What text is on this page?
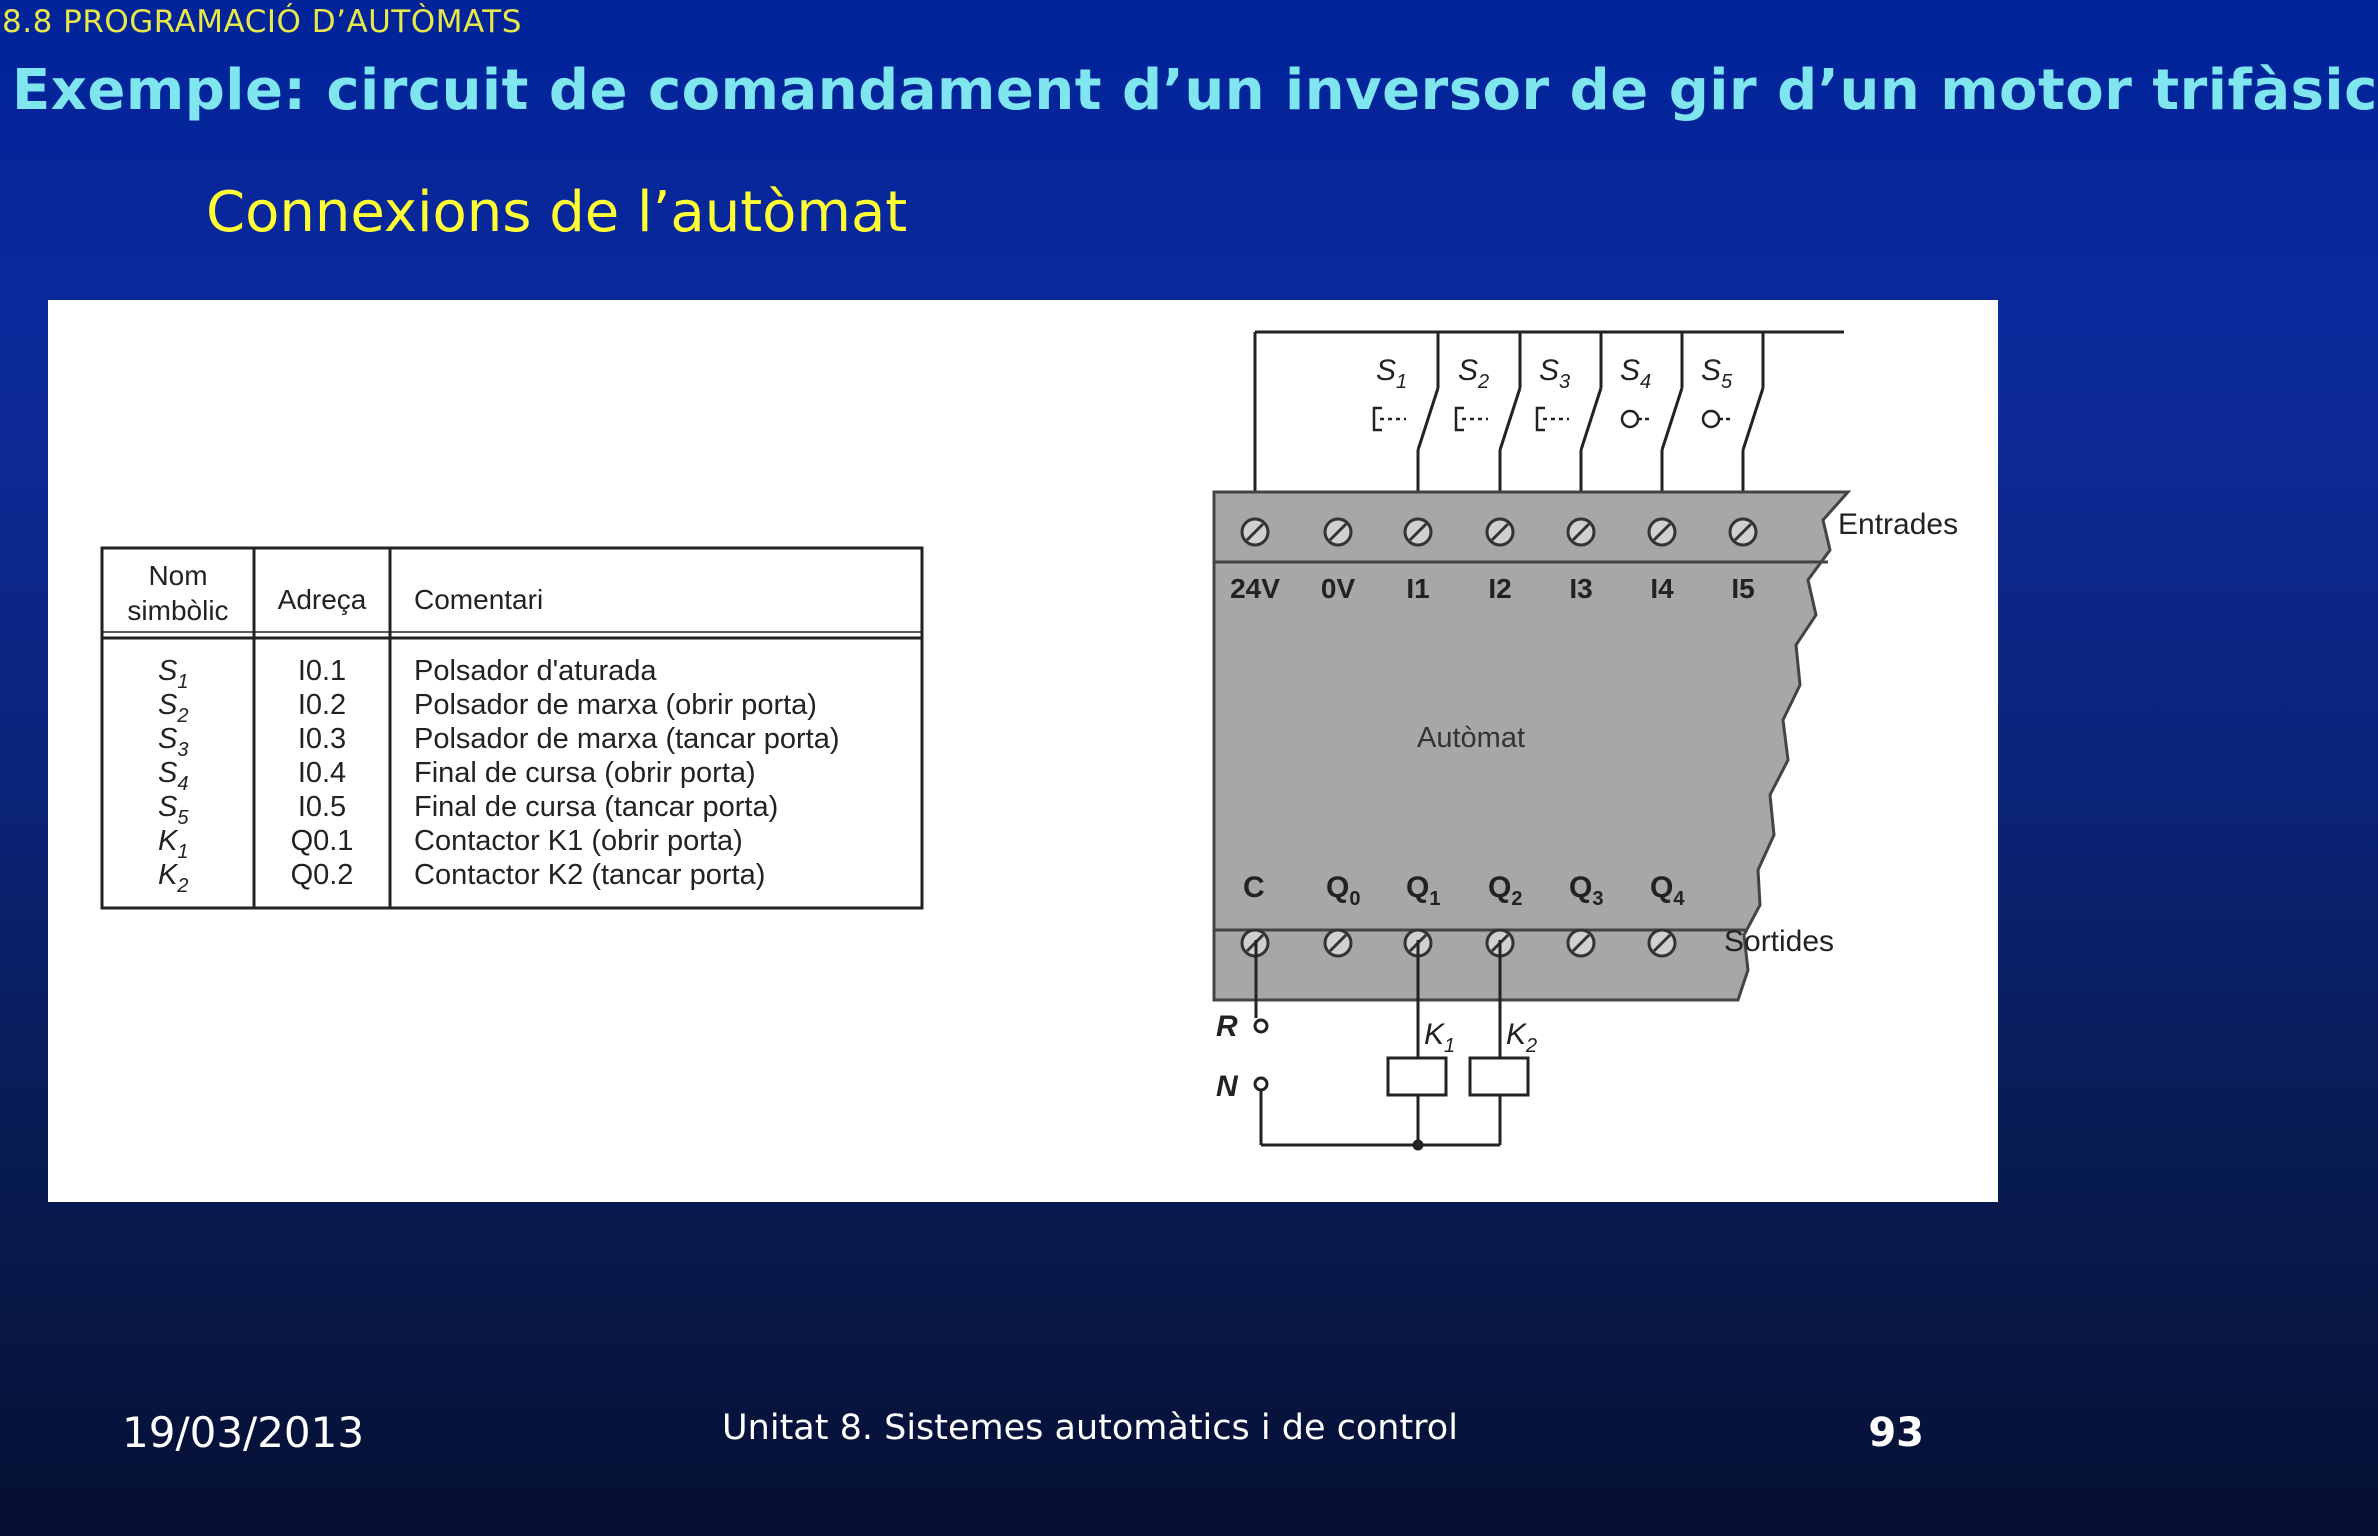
8.8 PROGRAMACIÓ D’AUTÒMATS
Exemple: circuit de comandament d’un inversor de gir d’un motor trifàsic
Connexions de l’autòmat
Nom
simbòlic Adreça Comentari
$S_1$	I0.1 Polsador d'aturada
$S_2$	I0.2 Polsador de marxa (obrir porta)
$S_3$	I0.3 Polsador de marxa (tancar porta)
$S_4$	I0.4 Final de cursa (obrir porta)
$S_5$	I0.5 Final de cursa (tancar porta)
$K_1$	Q0.1 Contactor K1 (obrir porta)
$K_2$	Q0.2 Contactor K2 (tancar porta)
$S_1$ $S_2$ $S_3$ $S_4$ $S_5$
24V 0V I1 I2 I3 I4 I5
C $Q_0$ $Q_1$ $Q_2$ $Q_3$ $Q_4$
Autòmat
Entrades
Sortides
R
N
$K_1$ $K_2$
19/03/2013	Unitat 8. Sistemes automàtics i de control	93
